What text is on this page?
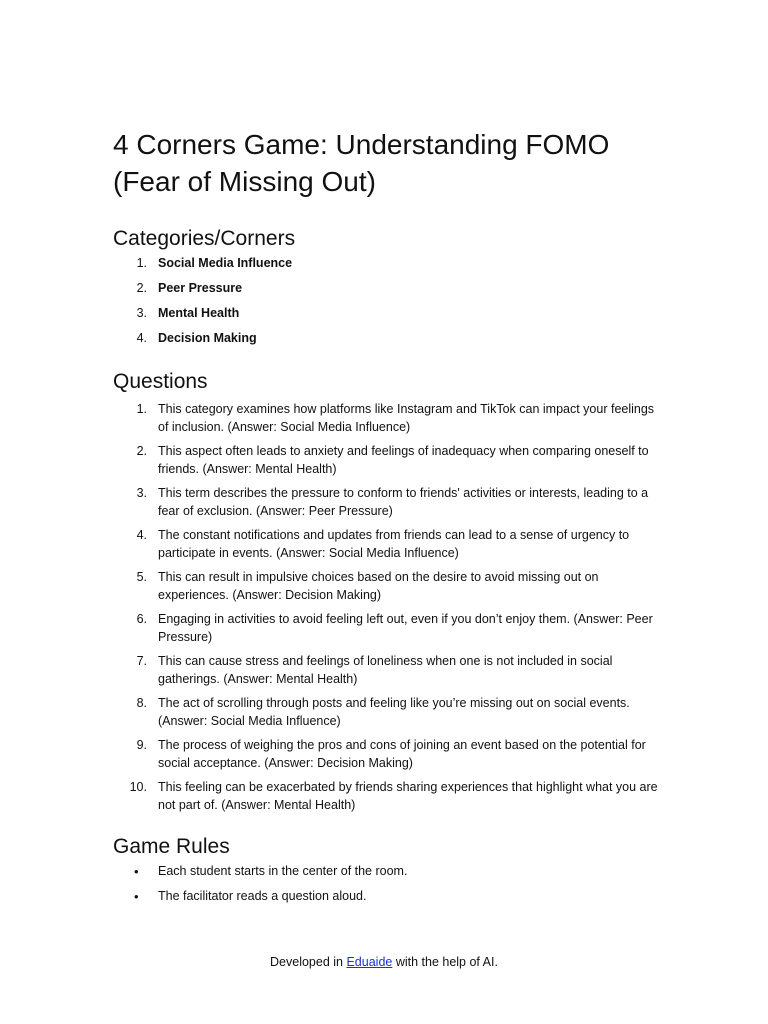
4 Corners Game: Understanding FOMO (Fear of Missing Out)
Categories/Corners
1. Social Media Influence
2. Peer Pressure
3. Mental Health
4. Decision Making
Questions
1. This category examines how platforms like Instagram and TikTok can impact your feelings of inclusion. (Answer: Social Media Influence)
2. This aspect often leads to anxiety and feelings of inadequacy when comparing oneself to friends. (Answer: Mental Health)
3. This term describes the pressure to conform to friends' activities or interests, leading to a fear of exclusion. (Answer: Peer Pressure)
4. The constant notifications and updates from friends can lead to a sense of urgency to participate in events. (Answer: Social Media Influence)
5. This can result in impulsive choices based on the desire to avoid missing out on experiences. (Answer: Decision Making)
6. Engaging in activities to avoid feeling left out, even if you don’t enjoy them. (Answer: Peer Pressure)
7. This can cause stress and feelings of loneliness when one is not included in social gatherings. (Answer: Mental Health)
8. The act of scrolling through posts and feeling like you’re missing out on social events. (Answer: Social Media Influence)
9. The process of weighing the pros and cons of joining an event based on the potential for social acceptance. (Answer: Decision Making)
10. This feeling can be exacerbated by friends sharing experiences that highlight what you are not part of. (Answer: Mental Health)
Game Rules
• Each student starts in the center of the room.
• The facilitator reads a question aloud.
Developed in Eduaide with the help of AI.
